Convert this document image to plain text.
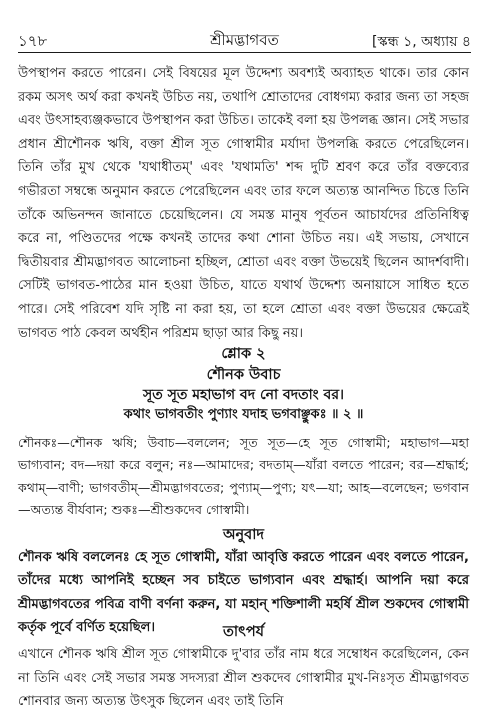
১৭৮	শ্রীমদ্ভাগবত	[স্কন্ধ ১, অধ্যায় ৪

উপস্থাপন করতে পারেন। সেই বিষয়ের মূল উদ্দেশ্য অবশ্যই অব্যাহত থাকে। তার কোন রকম অসৎ অর্থ করা কখনই উচিত নয়, তথাপি শ্রোতাদের বোধগম্য করার জন্য তা সহজ এবং উৎসাহব্যঞ্জকভাবে উপস্থাপন করা উচিত। তাকেই বলা হয় উপলব্ধ জ্ঞান। সেই সভার প্রধান শ্রীশৌনক ঋষি, বক্তা শ্রীল সূত গোস্বামীর মর্যাদা উপলব্ধি করতে পেরেছিলেন। তিনি তাঁর মুখ থেকে 'যথাধীতম্' এবং 'যথামতি' শব্দ দুটি শ্রবণ করে তাঁর বক্তব্যের গভীরতা সম্বন্ধে অনুমান করতে পেরেছিলেন এবং তার ফলে অত্যন্ত আনন্দিত চিত্তে তিনি তাঁকে অভিনন্দন জানাতে চেয়েছিলেন। যে সমস্ত মানুষ পূর্বতন আচার্যদের প্রতিনিধিত্ব করে না, পণ্ডিতদের পক্ষে কখনই তাদের কথা শোনা উচিত নয়। এই সভায়, সেখানে দ্বিতীয়বার শ্রীমদ্ভাগবত আলোচনা হচ্ছিল, শ্রোতা এবং বক্তা উভয়েই ছিলেন আদর্শবাদী। সেটিই ভাগবত-পাঠের মান হওয়া উচিত, যাতে যথার্থ উদ্দেশ্য অনায়াসে সাধিত হতে পারে। সেই পরিবেশ যদি সৃষ্টি না করা হয়, তা হলে শ্রোতা এবং বক্তা উভয়ের ক্ষেত্রেই ভাগবত পাঠ কেবল অর্থহীন পরিশ্রম ছাড়া আর কিছু নয়।

শ্লোক ২
শৌনক উবাচ
সূত সূত মহাভাগ বদ নো বদতাং বর।
কথাং ভাগবতীং পুণ্যাং যদাহ ভগবাঞ্ছুকঃ ॥ ২ ॥

শৌনকঃ—শৌনক ঋষি; উবাচ—বললেন; সূত সূত—হে সূত গোস্বামী; মহাভাগ—মহা ভাগ্যবান; বদ—দয়া করে বলুন; নঃ—আমাদের; বদতাম্—যাঁরা বলতে পারেন; বর—শ্রদ্ধার্হ; কথাম্—বাণী; ভাগবতীম্—শ্রীমদ্ভাগবতের; পুণ্যাম্—পুণ্য; যৎ—যা; আহ—বলেছেন; ভগবান—অত্যন্ত বীর্যবান; শুকঃ—শ্রীশুকদেব গোস্বামী।

অনুবাদ

শৌনক ঋষি বললেনঃ হে সূত গোস্বামী, যাঁরা আবৃত্তি করতে পারেন এবং বলতে পারেন, তাঁদের মধ্যে আপনিই হচ্ছেন সব চাইতে ভাগ্যবান এবং শ্রদ্ধার্হ। আপনি দয়া করে শ্রীমদ্ভাগবতের পবিত্র বাণী বর্ণনা করুন, যা মহান্ শক্তিশালী মহর্ষি শ্রীল শুকদেব গোস্বামী কর্তৃক পূর্বে বর্ণিত হয়েছিল।	তাৎপর্য

এখানে শৌনক ঋষি শ্রীল সূত গোস্বামীকে দু'বার তাঁর নাম ধরে সম্বোধন করেছিলেন, কেন না তিনি এবং সেই সভার সমস্ত সদস্যরা শ্রীল শুকদেব গোস্বামীর মুখ-নিঃসৃত শ্রীমদ্ভাগবত শোনবার জন্য অত্যন্ত উৎসুক ছিলেন এবং তাই তিনি
